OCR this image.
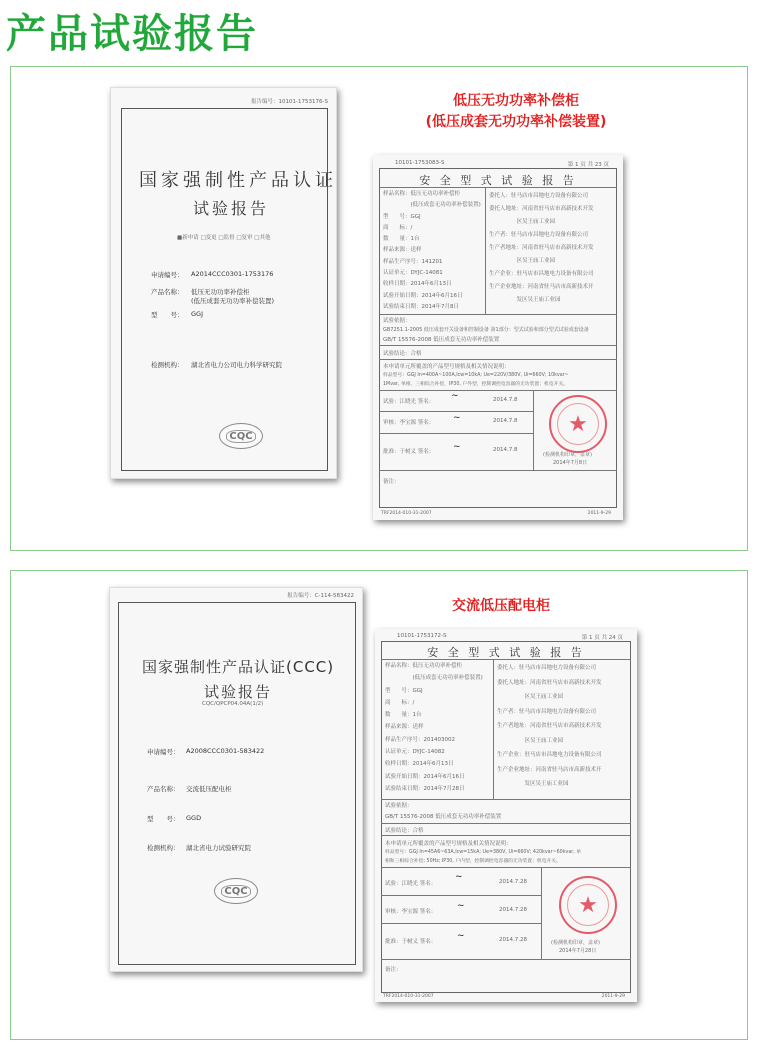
产品试验报告
报告编号：10101-1753176-S
国家强制性产品认证
试验报告
■新申请 □变更 □监督 □复审 □其他
申请编号： A2014CCC0301-1753176
产品名称： 低压无功功率补偿柜
(低压成套无功功率补偿装置)
型　　号： GGJ
检测机构： 湖北省电力公司电力科学研究院
CQC
低压无功功率补偿柜
(低压成套无功功率补偿装置)
10101-1753083-S	第 1 页 共 23 页
安 全 型 式 试 验 报 告
样品名称：低压无功功率补偿柜
　　　　　(低压成套无功功率补偿装置)
型　　号：GGJ
商　　标：/
数　　量：1台
样品来源：送样
样品生产序号：141201
认证单元：DYJC-14081
收样日期：2014年6月13日
试验开始日期：2014年6月16日
试验结束日期：2014年7月8日
委托人：驻马店市昌地电力设备有限公司
委托人地址：河南省驻马店市高新技术开发
　　　　　区吴王庙工业园
生产者：驻马店市昌地电力设备有限公司
生产者地址：河南省驻马店市高新技术开发
　　　　　区吴王庙工业园
生产企业：驻马店市昌地电力设备有限公司
生产企业地址：河南省驻马店市高新技术开
　　　　　发区吴王庙工业园
试验依据：
GB7251.1-2005 低压成套开关设备和控制设备 第1部分：型式试验和部分型式试验成套设备
GB/T 15576-2008 低压成套无功功率补偿装置
试验结论：合格
本申请单元所覆盖的产品型号规格及相关情况说明：
样品型号：GGJ In=400A~100A,Icw=10kA; Ue=220V/380V, Ui=660V; 10kvar~
1Mvar, 单相、三相综合补偿，IP30, 户外型，控制调控电容器的无功装置；机电开关。
试验：江晓光 签名：
~	2014.7.8
审核：李宝源 签名： ~	2014.7.8
批准：于树义 签名： ~	2014.7.8
★
(检测机构印章，盖章)
2014年7月8日
备注：
TRF2014-010-31-2007	2011-9-29
报告编号：C-114-583422
国家强制性产品认证(CCC)
试验报告
CQC/QPCP04.04A(1/2)
申请编号： A2008CCC0301-583422
产品名称： 交流低压配电柜
型　　号： GGD
检测机构： 湖北省电力试验研究院
CQC
交流低压配电柜
10101-1753172-S	第 1 页 共 24 页
安 全 型 式 试 验 报 告
样品名称：低压无功功率补偿柜
　　　　　(低压成套无功功率补偿装置)
型　　号：GGJ
商　　标：/
数　　量：1台
样品来源：送样
样品生产序号：201403002
认证单元：DYJC-14082
收样日期：2014年6月13日
试验开始日期：2014年6月16日
试验结束日期：2014年7月28日
委托人：驻马店市昌地电力设备有限公司
委托人地址：河南省驻马店市高新技术开发
　　　　　区吴王庙工业园
生产者：驻马店市昌地电力设备有限公司
生产者地址：河南省驻马店市高新技术开发
　　　　　区吴王庙工业园
生产企业：驻马店市昌地电力设备有限公司
生产企业地址：河南省驻马店市高新技术开
　　　　　发区吴王庙工业园
试验依据：
GB/T 15576-2008 低压成套无功功率补偿装置
试验结论：合格
本申请单元所覆盖的产品型号规格及相关情况说明：
样品型号：GGJ In=45A6~63A,Icw=15kA; Ue=380V, Ui=660V; 420kvar~60kvar, 单
相和三相综合补偿; 50Hz; IP30, 户内型，控制调控电容器的无功装置；机电开关。
试验：江晓光 签名：
~	2014.7.28
审核：李宝源 签名：
~	2014.7.28
批准：于树义 签名：
~	2014.7.28
★
(检测机构印章，盖章)
2014年7月28日
备注：
TRF2014-010-31-2007	2011-9-29
